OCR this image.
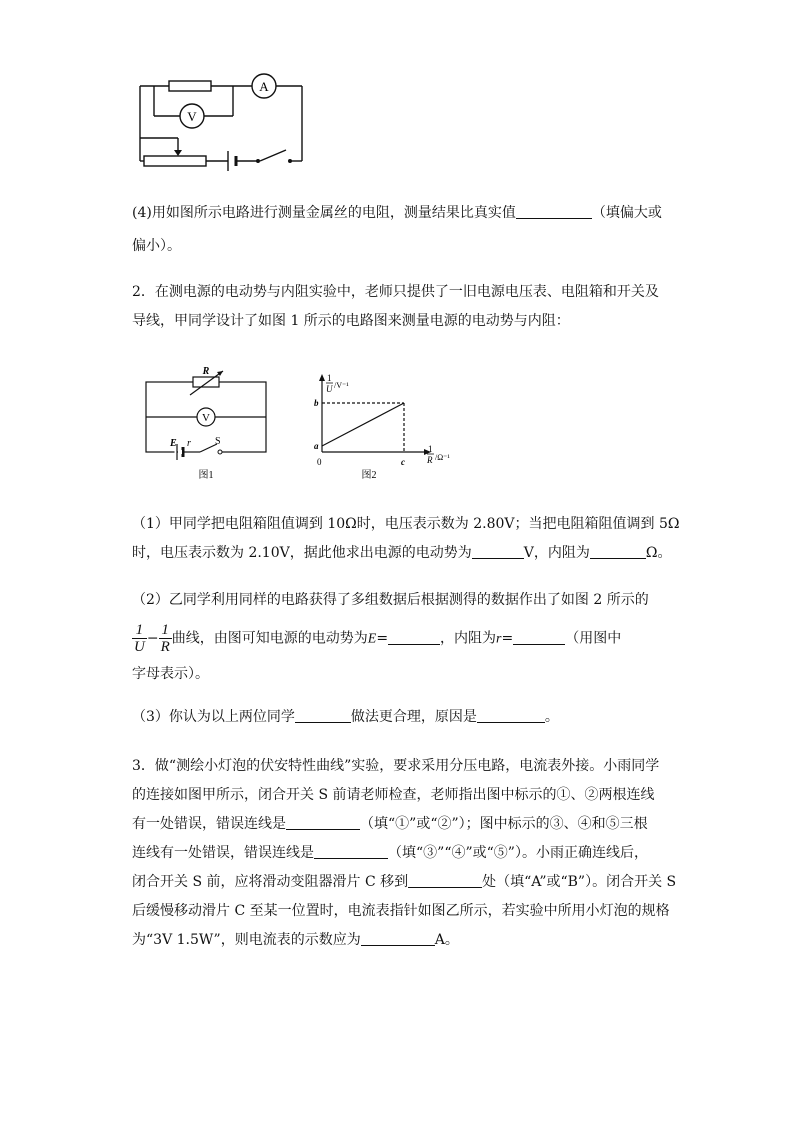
A
V
(4)用如图所示电路进行测量金属丝的电阻，测量结果比真实值	（填偏大或
偏小）。
2．在测电源的电动势与内阻实验中，老师只提供了一旧电源电压表、电阻箱和开关及
导线，甲同学设计了如图 1 所示的电路图来测量电源的电动势与内阻：
R
V
E r S
图1
1
U /V⁻¹
b
a
0	c
1
R /Ω⁻¹
图2
（1）甲同学把电阻箱阻值调到 10Ω时，电压表示数为 2.80V；当把电阻箱阻值调到 5Ω
时，电压表示数为 2.10V，据此他求出电源的电动势为	V，内阻为	Ω。
（2）乙同学利用同样的电路获得了多组数据后根据测得的数据作出了如图 2 所示的
$\frac{1}{U} - \frac{1}{R}$ 曲线，由图可知电源的电动势为E=	，内阻为r=	（用图中
字母表示）。
（3）你认为以上两位同学	做法更合理，原因是	。
3．做“测绘小灯泡的伏安特性曲线”实验，要求采用分压电路，电流表外接。小雨同学
的连接如图甲所示，闭合开关 S 前请老师检查，老师指出图中标示的①、②两根连线
有一处错误，错误连线是	（填“①”或“②”）；图中标示的③、④和⑤三根
连线有一处错误，错误连线是	（填“③”“④”或“⑤”）。小雨正确连线后，
闭合开关 S 前，应将滑动变阻器滑片 C 移到	处（填“A”或“B”）。闭合开关 S
后缓慢移动滑片 C 至某一位置时，电流表指针如图乙所示，若实验中所用小灯泡的规格
为“3V 1.5W”，则电流表的示数应为	A。
